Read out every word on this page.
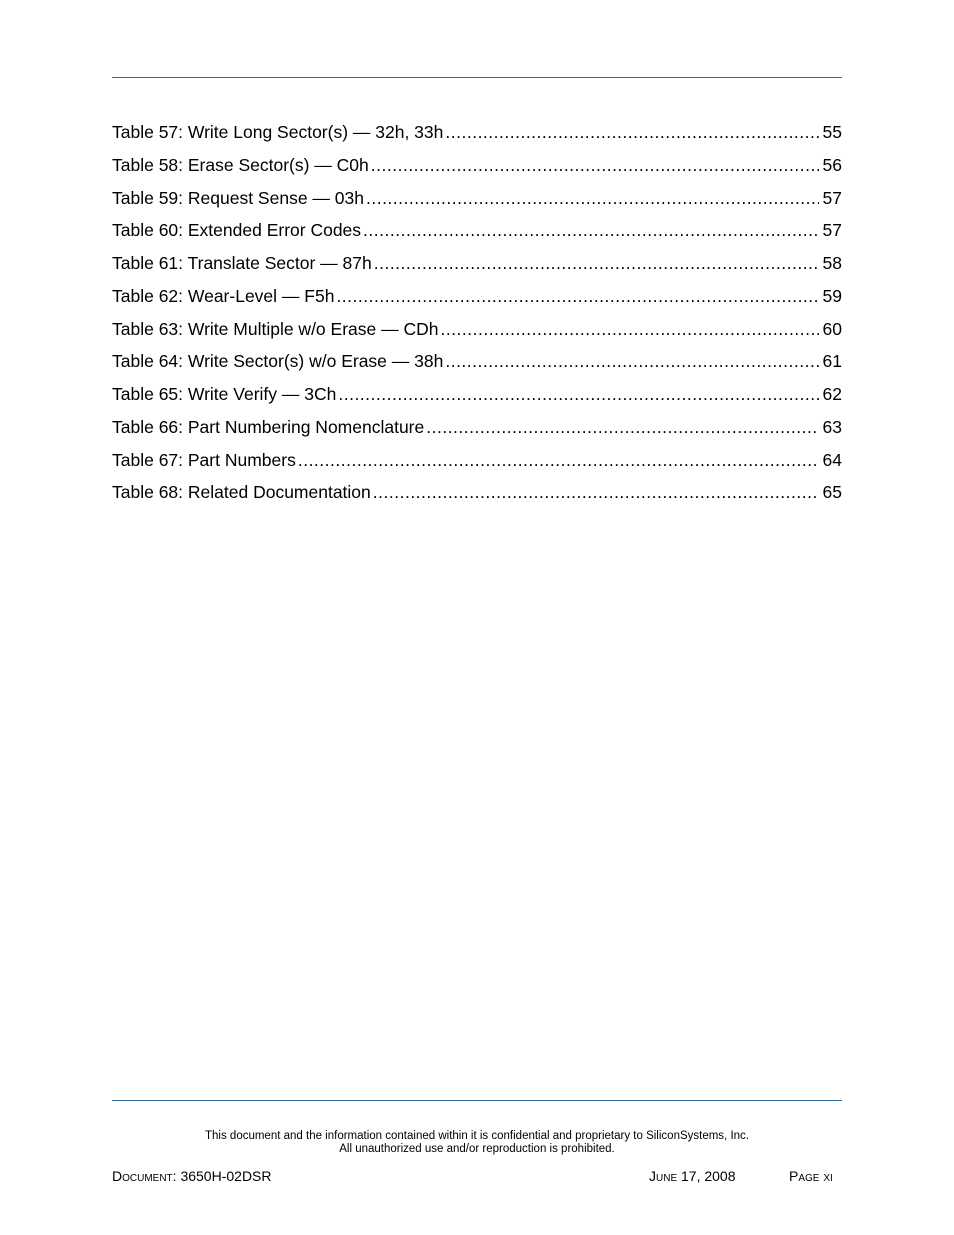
Table 57: Write Long Sector(s) — 32h, 33h .....	55
Table 58: Erase Sector(s) — C0h .....	56
Table 59: Request Sense — 03h .....	57
Table 60: Extended Error Codes .....	57
Table 61: Translate Sector — 87h .....	58
Table 62: Wear-Level — F5h .....	59
Table 63: Write Multiple w/o Erase — CDh .....	60
Table 64: Write Sector(s) w/o Erase — 38h .....	61
Table 65: Write Verify — 3Ch .....	62
Table 66: Part Numbering Nomenclature .....	63
Table 67: Part Numbers .....	64
Table 68: Related Documentation .....	65
This document and the information contained within it is confidential and proprietary to SiliconSystems, Inc.
All unauthorized use and/or reproduction is prohibited.
Document: 3650H-02DSR	June 17, 2008	Page xi
